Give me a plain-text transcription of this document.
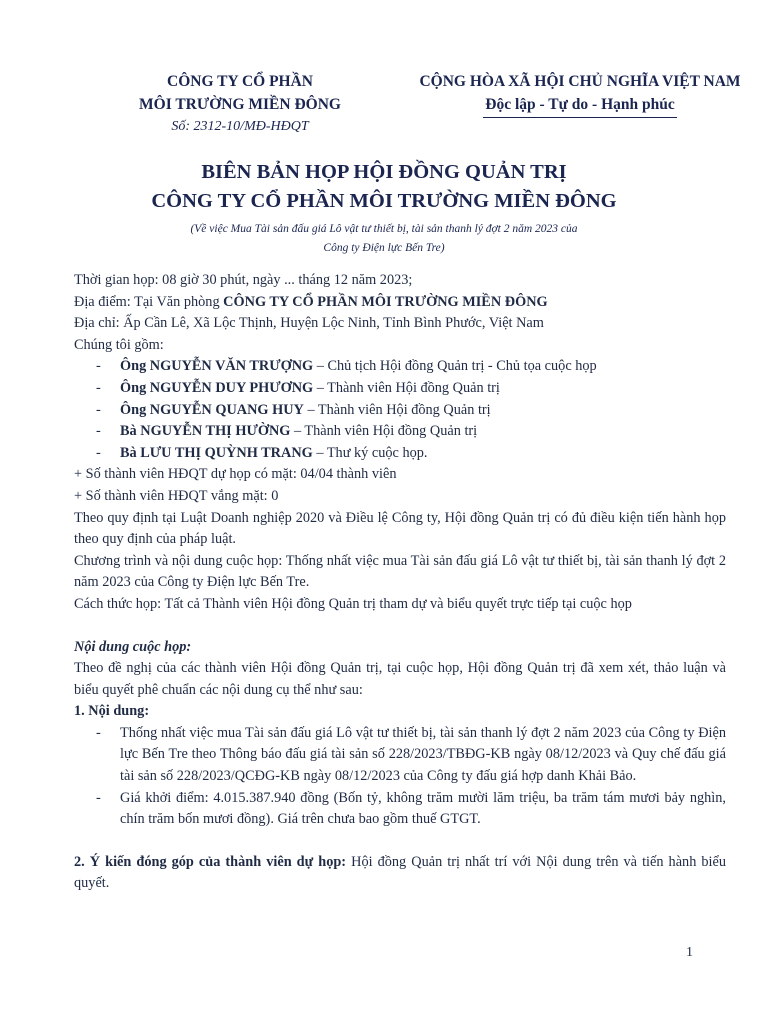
CÔNG TY CỔ PHẦN
MÔI TRƯỜNG MIỀN ĐÔNG
Số: 2312-10/MĐ-HĐQT
CỘNG HÒA XÃ HỘI CHỦ NGHĨA VIỆT NAM
Độc lập - Tự do - Hạnh phúc
BIÊN BẢN HỌP HỘI ĐỒNG QUẢN TRỊ
CÔNG TY CỔ PHẦN MÔI TRƯỜNG MIỀN ĐÔNG
(Về việc Mua Tài sản đấu giá Lô vật tư thiết bị, tài sản thanh lý đợt 2 năm 2023 của
Công ty Điện lực Bến Tre)

Thời gian họp: 08 giờ 30 phút, ngày ... tháng 12 năm 2023;

Địa điểm: Tại Văn phòng CÔNG TY CỔ PHẦN MÔI TRƯỜNG MIỀN ĐÔNG

Địa chỉ: Ấp Cần Lê, Xã Lộc Thịnh, Huyện Lộc Ninh, Tỉnh Bình Phước, Việt Nam

Chúng tôi gồm:

-	Ông NGUYỄN VĂN TRƯỢNG – Chủ tịch Hội đồng Quản trị - Chủ tọa cuộc họp
-	Ông NGUYỄN DUY PHƯƠNG – Thành viên Hội đồng Quản trị
-	Ông NGUYỄN QUANG HUY – Thành viên Hội đồng Quản trị
-	Bà NGUYỄN THỊ HƯỜNG – Thành viên Hội đồng Quản trị
-	Bà LƯU THỊ QUỲNH TRANG – Thư ký cuộc họp.

+ Số thành viên HĐQT dự họp có mặt: 04/04 thành viên

+ Số thành viên HĐQT vắng mặt: 0

Theo quy định tại Luật Doanh nghiệp 2020 và Điều lệ Công ty, Hội đồng Quản trị có đủ điều kiện tiến hành họp theo quy định của pháp luật.

Chương trình và nội dung cuộc họp: Thống nhất việc mua Tài sản đấu giá Lô vật tư thiết bị, tài sản thanh lý đợt 2 năm 2023 của Công ty Điện lực Bến Tre.

Cách thức họp: Tất cả Thành viên Hội đồng Quản trị tham dự và biểu quyết trực tiếp tại cuộc họp

Nội dung cuộc họp:

Theo đề nghị của các thành viên Hội đồng Quản trị, tại cuộc họp, Hội đồng Quản trị đã xem xét, thảo luận và biểu quyết phê chuẩn các nội dung cụ thể như sau:

1. Nội dung:

-	Thống nhất việc mua Tài sản đấu giá Lô vật tư thiết bị, tài sản thanh lý đợt 2 năm 2023 của Công ty Điện lực Bến Tre theo Thông báo đấu giá tài sản số 228/2023/TBĐG-KB ngày 08/12/2023 và Quy chế đấu giá tài sản số 228/2023/QCĐG-KB ngày 08/12/2023 của Công ty đấu giá hợp danh Khải Bảo.
-	Giá khởi điểm: 4.015.387.940 đồng (Bốn tỷ, không trăm mười lăm triệu, ba trăm tám mươi bảy nghìn, chín trăm bốn mươi đồng). Giá trên chưa bao gồm thuế GTGT.

2. Ý kiến đóng góp của thành viên dự họp: Hội đồng Quản trị nhất trí với Nội dung trên và tiến hành biểu quyết.

1
